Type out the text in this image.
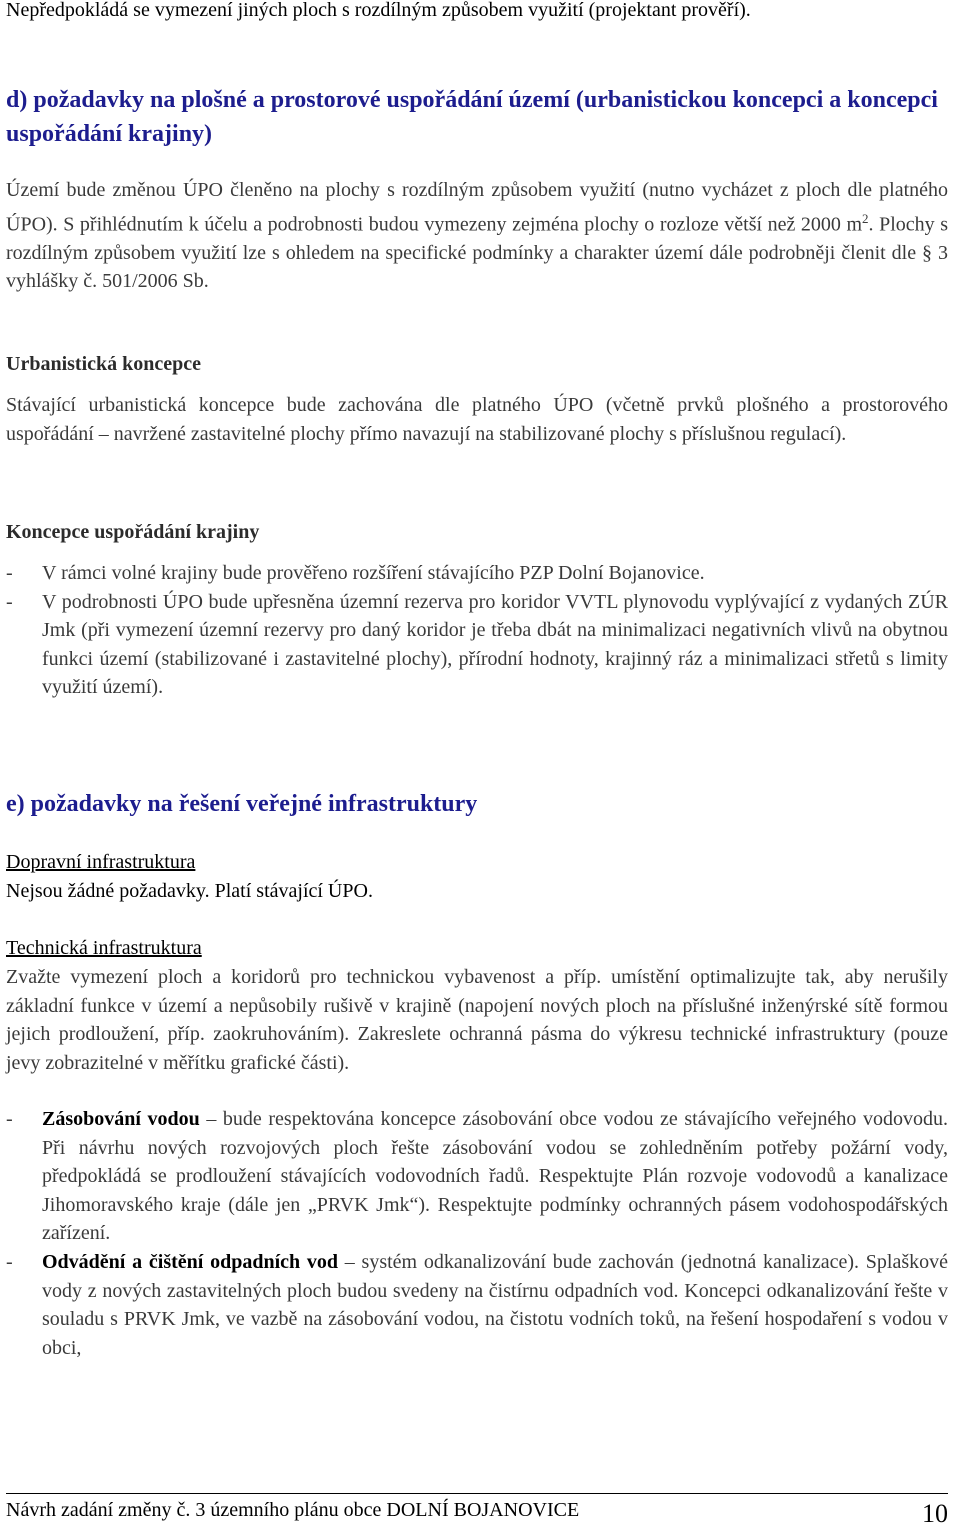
Nepředpokládá se vymezení jiných ploch s rozdílným způsobem využití (projektant prověří).

d) požadavky na plošné a prostorové uspořádání území (urbanistickou koncepci a koncepci uspořádání krajiny)

Území bude změnou ÚPO členěno na plochy s rozdílným způsobem využití (nutno vycházet z ploch dle platného ÚPO). S přihlédnutím k účelu a podrobnosti budou vymezeny zejména plochy o rozloze větší než 2000 $m^2$. Plochy s rozdílným způsobem využití lze s ohledem na specifické podmínky a charakter území dále podrobněji členit dle § 3 vyhlášky č. 501/2006 Sb.

Urbanistická koncepce

Stávající urbanistická koncepce bude zachována dle platného ÚPO (včetně prvků plošného a prostorového uspořádání – navržené zastavitelné plochy přímo navazují na stabilizované plochy s příslušnou regulací).

Koncepce uspořádání krajiny

-	V rámci volné krajiny bude prověřeno rozšíření stávajícího PZP Dolní Bojanovice.
-	V podrobnosti ÚPO bude upřesněna územní rezerva pro koridor VVTL plynovodu vyplývající z vydaných ZÚR Jmk (při vymezení územní rezervy pro daný koridor je třeba dbát na minimalizaci negativních vlivů na obytnou funkci území (stabilizované i zastavitelné plochy), přírodní hodnoty, krajinný ráz a minimalizaci střetů s limity využití území).

e) požadavky na řešení veřejné infrastruktury

Dopravní infrastruktura

Nejsou žádné požadavky. Platí stávající ÚPO.

Technická infrastruktura

Zvažte vymezení ploch a koridorů pro technickou vybavenost a příp. umístění optimalizujte tak, aby nerušily základní funkce v území a nepůsobily rušivě v krajině (napojení nových ploch na příslušné inženýrské sítě formou jejich prodloužení, příp. zaokruhováním). Zakreslete ochranná pásma do výkresu technické infrastruktury (pouze jevy zobrazitelné v měřítku grafické části).

-	Zásobování vodou – bude respektována koncepce zásobování obce vodou ze stávajícího veřejného vodovodu. Při návrhu nových rozvojových ploch řešte zásobování vodou se zohledněním potřeby požární vody, předpokládá se prodloužení stávajících vodovodních řadů. Respektujte Plán rozvoje vodovodů a kanalizace Jihomoravského kraje (dále jen „PRVK Jmk“). Respektujte podmínky ochranných pásem vodohospodářských zařízení.
-	Odvádění a čištění odpadních vod – systém odkanalizování bude zachován (jednotná kanalizace). Splaškové vody z nových zastavitelných ploch budou svedeny na čistírnu odpadních vod. Koncepci odkanalizování řešte v souladu s PRVK Jmk, ve vazbě na zásobování vodou, na čistotu vodních toků, na řešení hospodaření s vodou v obci,
Návrh zadání změny č. 3 územního plánu obce DOLNÍ BOJANOVICE	10
